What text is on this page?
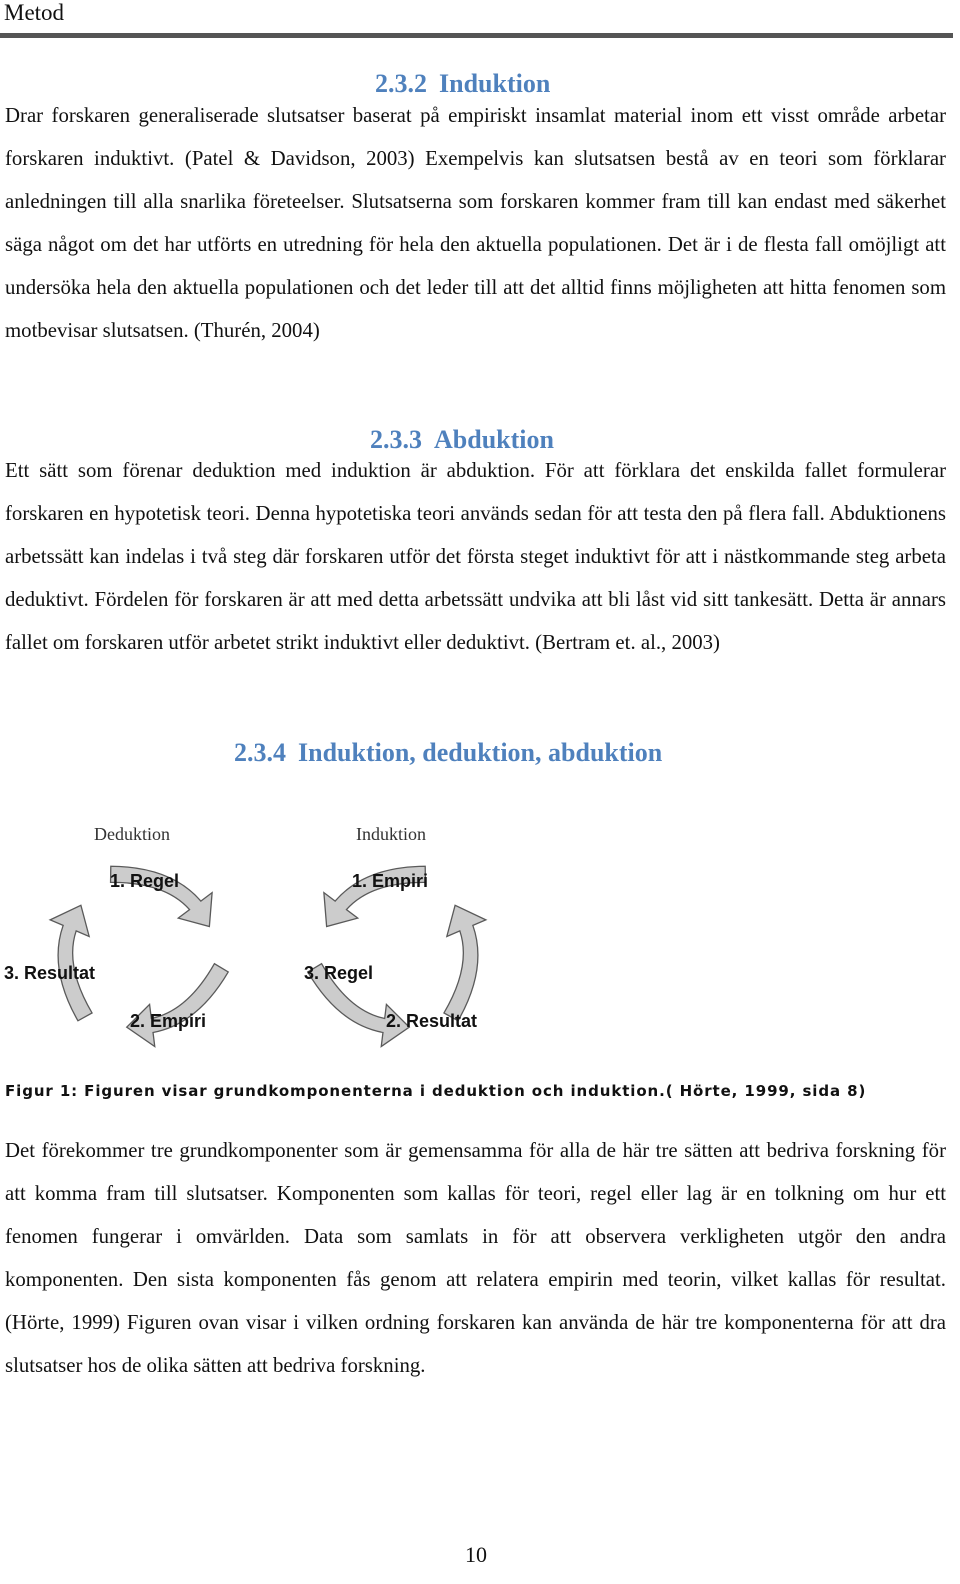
Metod
2.3.2 Induktion

Drar forskaren generaliserade slutsatser baserat på empiriskt insamlat material inom ett visst område arbetar forskaren induktivt. (Patel & Davidson, 2003) Exempelvis kan slutsatsen bestå av en teori som förklarar anledningen till alla snarlika företeelser. Slutsatserna som forskaren kommer fram till kan endast med säkerhet säga något om det har utförts en utredning för hela den aktuella populationen. Det är i de flesta fall omöjligt att undersöka hela den aktuella populationen och det leder till att det alltid finns möjligheten att hitta fenomen som motbevisar slutsatsen. (Thurén, 2004)

2.3.3 Abduktion

Ett sätt som förenar deduktion med induktion är abduktion. För att förklara det enskilda fallet formulerar forskaren en hypotetisk teori. Denna hypotetiska teori används sedan för att testa den på flera fall. Abduktionens arbetssätt kan indelas i två steg där forskaren utför det första steget induktivt för att i nästkommande steg arbeta deduktivt. Fördelen för forskaren är att med detta arbetssätt undvika att bli låst vid sitt tankesätt. Detta är annars fallet om forskaren utför arbetet strikt induktivt eller deduktivt. (Bertram et. al., 2003)

2.3.4 Induktion, deduktion, abduktion
Deduktion	Induktion
1. Regel
2. Empiri
3. Resultat
1. Empiri
2. Resultat
3. Regel
Figur 1: Figuren visar grundkomponenterna i deduktion och induktion.( Hörte, 1999, sida 8)

Det förekommer tre grundkomponenter som är gemensamma för alla de här tre sätten att bedriva forskning för att komma fram till slutsatser. Komponenten som kallas för teori, regel eller lag är en tolkning om hur ett fenomen fungerar i omvärlden. Data som samlats in för att observera verkligheten utgör den andra komponenten. Den sista komponenten fås genom att relatera empirin med teorin, vilket kallas för resultat. (Hörte, 1999) Figuren ovan visar i vilken ordning forskaren kan använda de här tre komponenterna för att dra slutsatser hos de olika sätten att bedriva forskning.

10
